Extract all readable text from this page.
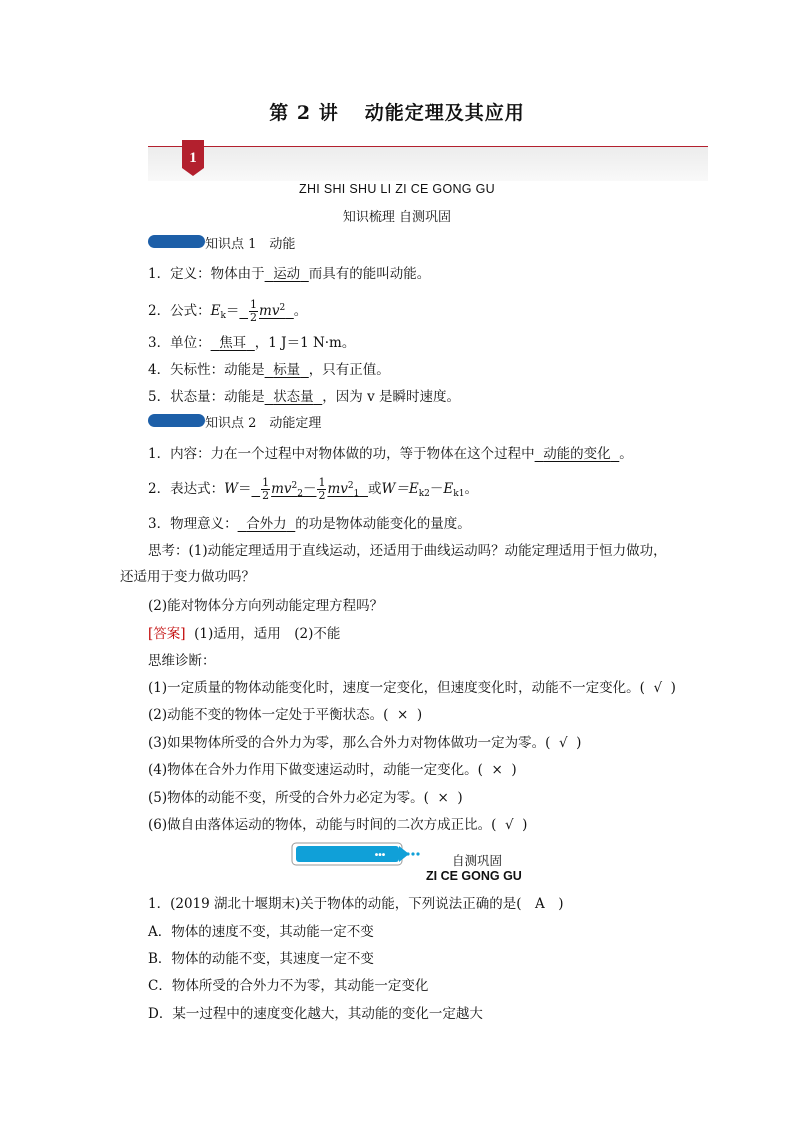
第 2 讲 动能定理及其应用
1
ZHI SHI SHU LI ZI CE GONG GU
知识梳理 自测巩固
知识点 1　动能
1．定义：物体由于 运动 而具有的能叫动能。
2．公式：$E_k= \frac{1}{2} mv^2$ 。
3．单位： 焦耳 ，1 J＝1 N·m。
4．矢标性：动能是 标量 ，只有正值。
5．状态量：动能是 状态量 ，因为 v 是瞬时速度。
知识点 2　动能定理
1．内容：力在一个过程中对物体做的功，等于物体在这个过程中 动能的变化 。
2．表达式：$W= \frac{1}{2} mv^2_2- \frac{1}{2} mv^2_1$ 或$W=E_{k2}-E_{k1}$。
3．物理意义： 合外力 的功是物体动能变化的量度。
思考：(1)动能定理适用于直线运动，还适用于曲线运动吗？动能定理适用于恒力做功，
还适用于变力做功吗？
(2)能对物体分方向列动能定理方程吗？
[答案] (1)适用，适用　(2)不能
思维诊断：
(1)一定质量的物体动能变化时，速度一定变化，但速度变化时，动能不一定变化。(  √  )
(2)动能不变的物体一定处于平衡状态。(  ×  )
(3)如果物体所受的合外力为零，那么合外力对物体做功一定为零。(  √  )
(4)物体在合外力作用下做变速运动时，动能一定变化。(  ×  )
(5)物体的动能不变，所受的合外力必定为零。(  ×  )
(6)做自由落体运动的物体，动能与时间的二次方成正比。(  √  )
•••	自测巩固
ZI CE GONG GU
1．(2019 湖北十堰期末)关于物体的动能，下列说法正确的是(　A　)
A．物体的速度不变，其动能一定不变
B．物体的动能不变，其速度一定不变
C．物体所受的合外力不为零，其动能一定变化
D．某一过程中的速度变化越大，其动能的变化一定越大
